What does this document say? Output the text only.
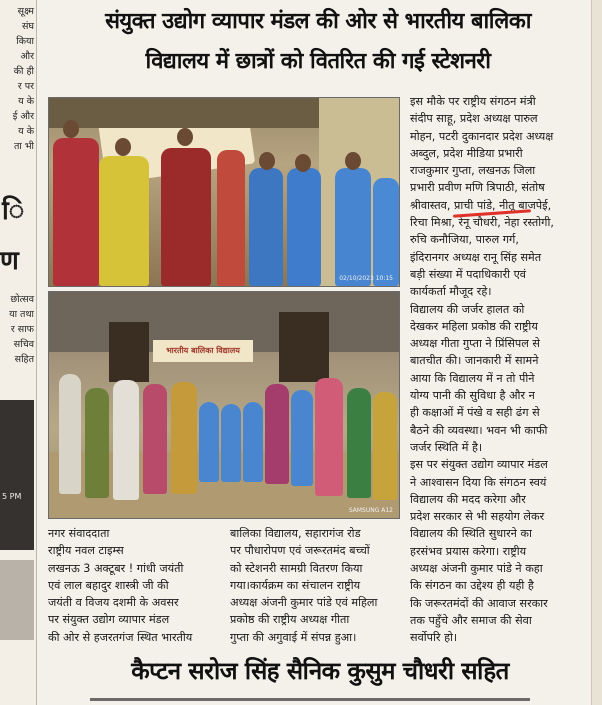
सूक्ष्म
संघ
किया
और
की ही
र पर
य के
ई और
य के
ता भी
ि
ण
छोत्सव
या तथा
र साफ
सचिव
सहित
5 PM
संयुक्त उद्योग व्यापार मंडल की ओर से भारतीय बालिका
विद्यालय में छात्रों को वितरित की गई स्टेशनरी
02/10/2023 10:15
भारतीय बालिका विद्यालय
SAMSUNG A12
इस मौके पर राष्ट्रीय संगठन मंत्री
संदीप साहू, प्रदेश अध्यक्ष पारुल
मोहन, पटरी दुकानदार प्रदेश अध्यक्ष
अब्दुल, प्रदेश मीडिया प्रभारी
राजकुमार गुप्ता, लखनऊ जिला
प्रभारी प्रवीण मणि त्रिपाठी, संतोष
श्रीवास्तव, प्राची पांडे, नीतू बाजपेई,
रिचा मिश्रा, रेनू चौधरी, नेहा रस्तोगी,
रुचि कनौजिया, पारुल गर्ग,
इंदिरानगर अध्यक्ष रानू सिंह समेत
बड़ी संख्या में पदाधिकारी एवं
कार्यकर्ता मौजूद रहे।
विद्यालय की जर्जर हालत को
देखकर महिला प्रकोष्ठ की राष्ट्रीय
अध्यक्ष गीता गुप्ता ने प्रिंसिपल से
बातचीत की। जानकारी में सामने
आया कि विद्यालय में न तो पीने
योग्य पानी की सुविधा है और न
ही कक्षाओं में पंखे व सही ढंग से
बैठने की व्यवस्था। भवन भी काफी
जर्जर स्थिति में है।
इस पर संयुक्त उद्योग व्यापार मंडल
ने आश्वासन दिया कि संगठन स्वयं
विद्यालय की मदद करेगा और
प्रदेश सरकार से भी सहयोग लेकर
विद्यालय की स्थिति सुधारने का
हरसंभव प्रयास करेगा। राष्ट्रीय
अध्यक्ष अंजनी कुमार पांडे ने कहा
कि संगठन का उद्देश्य ही यही है
कि जरूरतमंदों की आवाज सरकार
तक पहुँचे और समाज की सेवा
सर्वोपरि हो।
नगर संवाददाता
राष्ट्रीय नवल टाइम्स
लखनऊ 3 अक्टूबर ! गांधी जयंती
एवं लाल बहादुर शास्त्री जी की
जयंती व विजय दशमी के अवसर
पर संयुक्त उद्योग व्यापार मंडल
की ओर से हजरतगंज स्थित भारतीय
बालिका विद्यालय, सहारागंज रोड
पर पौधारोपण एवं जरूरतमंद बच्चों
को स्टेशनरी सामग्री वितरण किया
गया।कार्यक्रम का संचालन राष्ट्रीय
अध्यक्ष अंजनी कुमार पांडे एवं महिला
प्रकोष्ठ की राष्ट्रीय अध्यक्ष गीता
गुप्ता की अगुवाई में संपन्न हुआ।
कैप्टन सरोज सिंह सैनिक कुसुम चौधरी सहित
